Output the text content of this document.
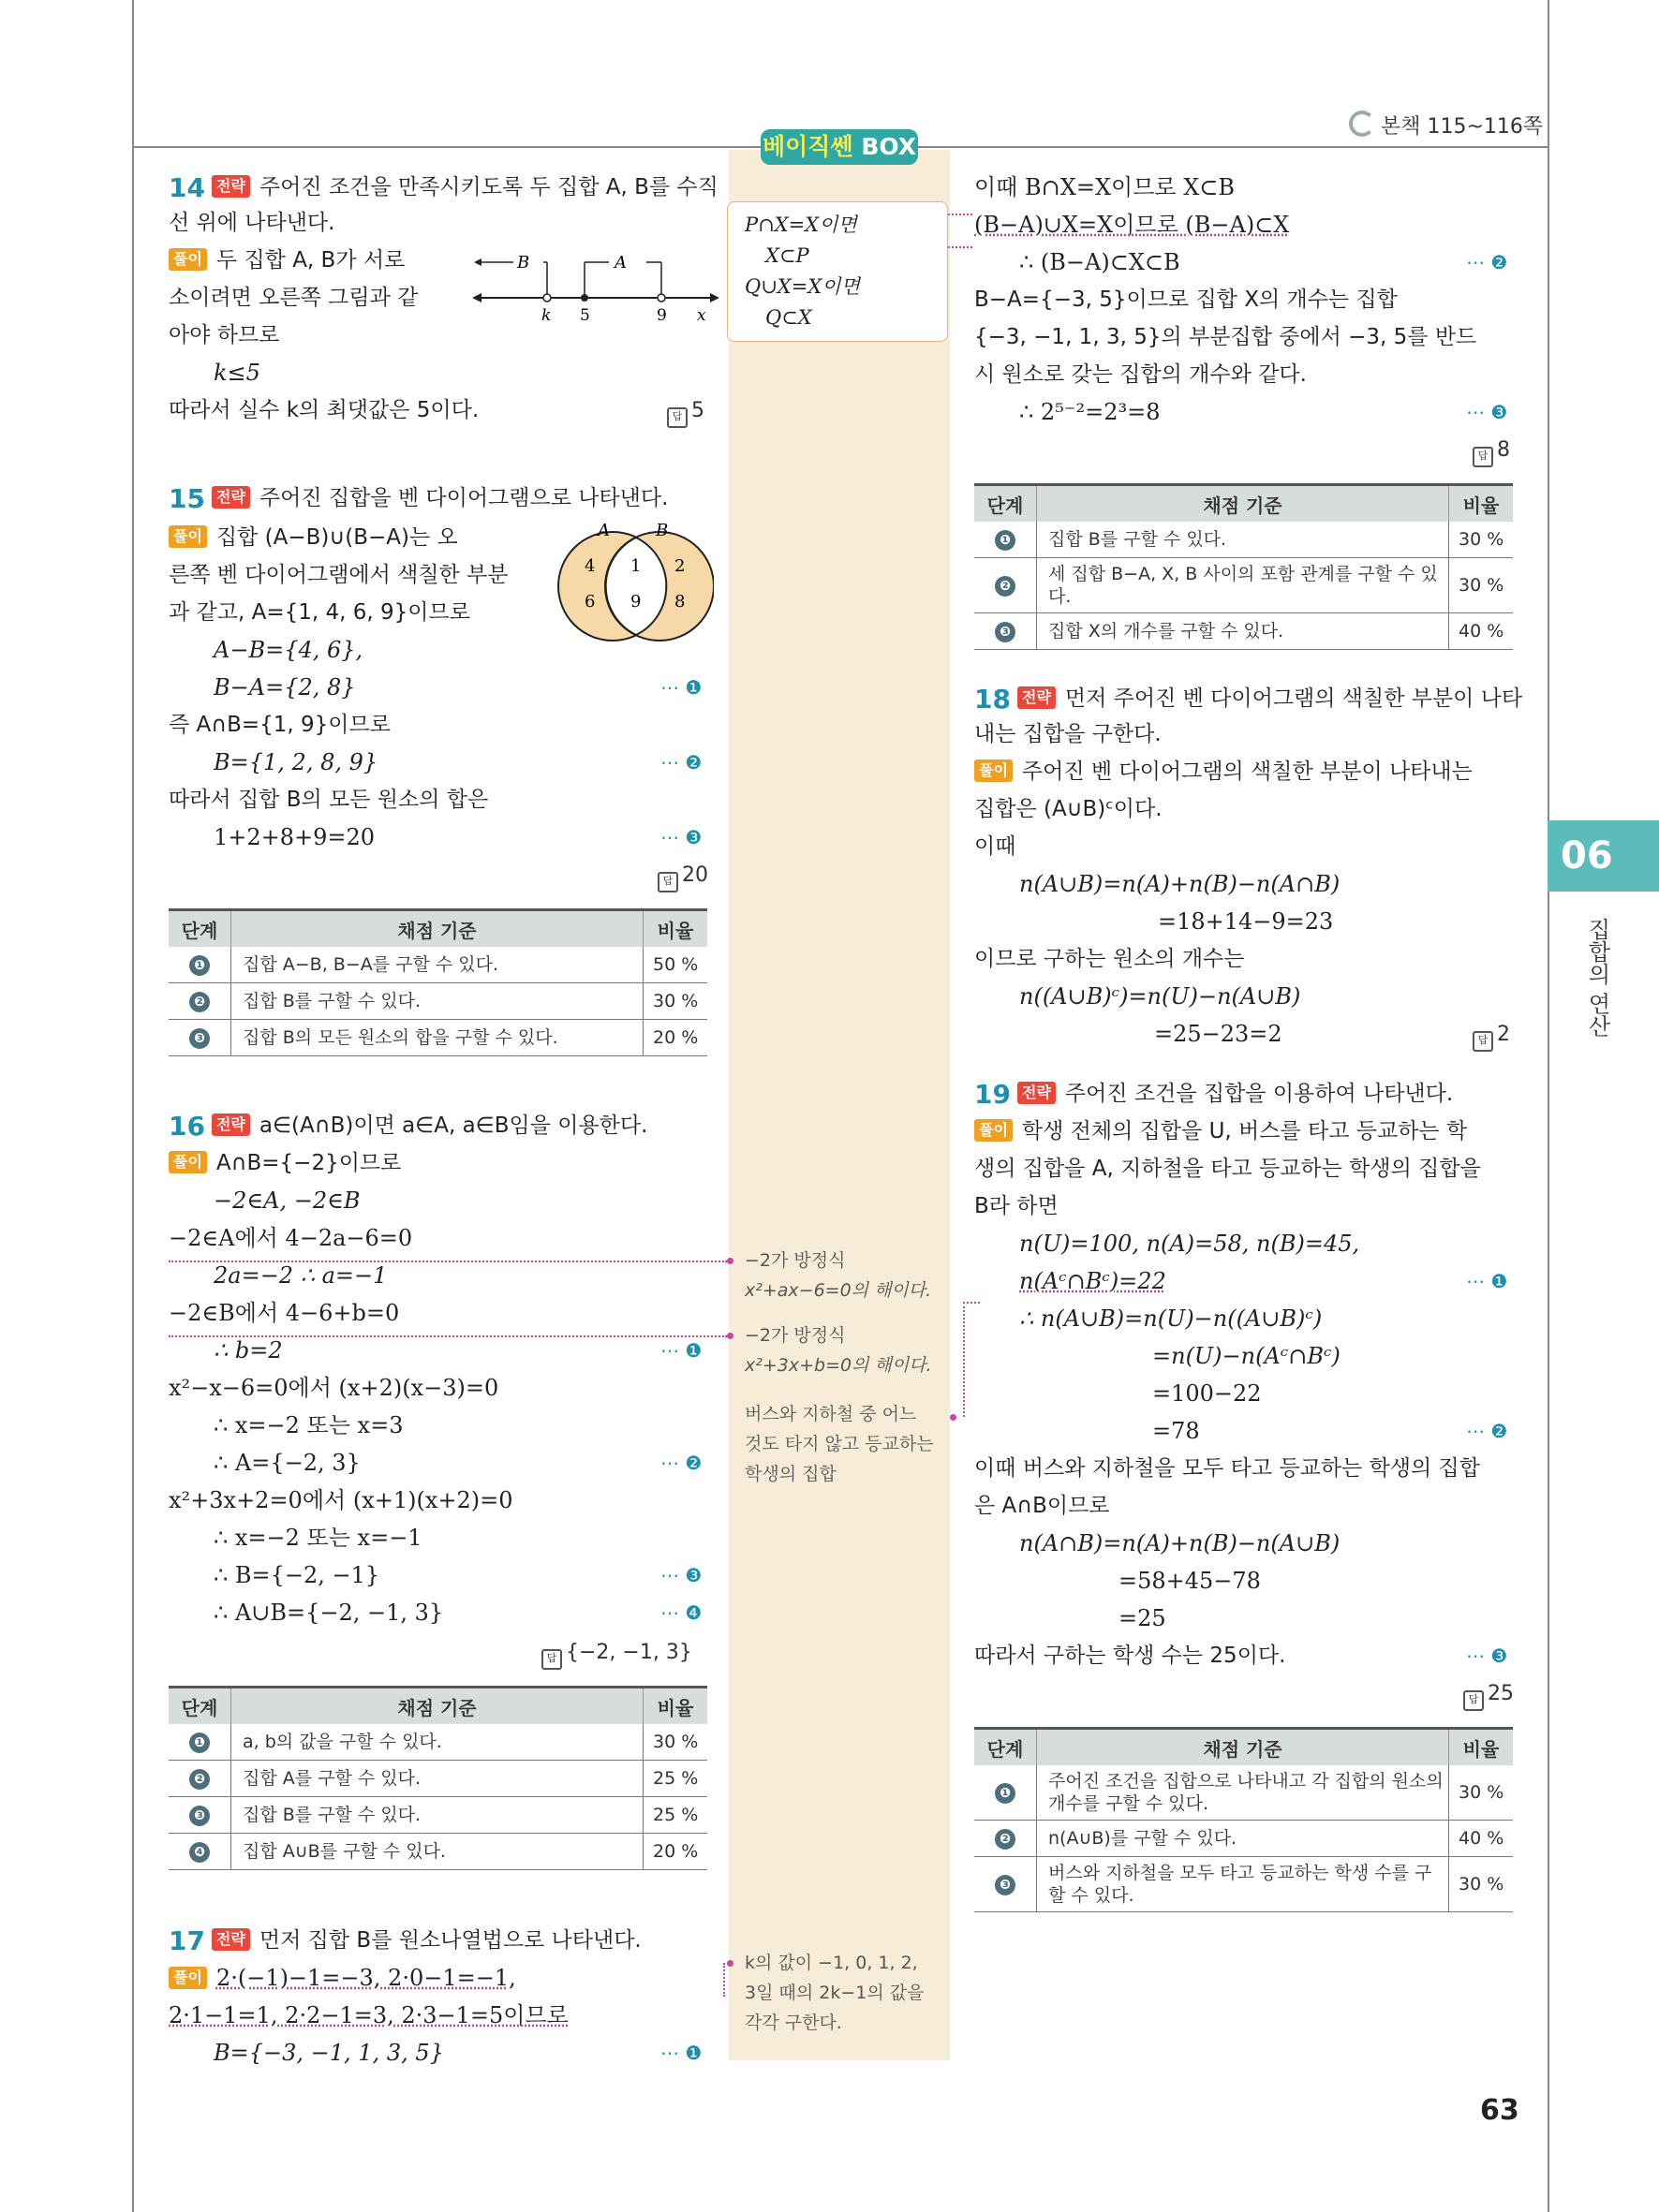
본책 115~116쪽
베이직쎈 BOX
P∩X=X이면
X⊂P
Q∪X=X이면
Q⊂X
−2가 방정식
x²+ax−6=0의 해이다.
−2가 방정식
x²+3x+b=0의 해이다.
버스와 지하철 중 어느
것도 타지 않고 등교하는
학생의 집합
k의 값이 −1, 0, 1, 2,
3일 때의 2k−1의 값을
각각 구한다.
14 전략 주어진 조건을 만족시키도록 두 집합 A, B를 수직
선 위에 나타낸다.
풀이 두 집합 A, B가 서로
소이려면 오른쪽 그림과 같
아야 하므로
k≤5
따라서 실수 k의 최댓값은 5이다.	답 5
B	A
k 5	9 x
15 전략 주어진 집합을 벤 다이어그램으로 나타낸다.
풀이 집합 (A−B)∪(B−A)는 오
른쪽 벤 다이어그램에서 색칠한 부분
과 같고, A={1, 4, 6, 9}이므로
A−B={4, 6},
B−A={2, 8}	⋯ ❶
즉 A∩B={1, 9}이므로
B={1, 2, 8, 9}	⋯ ❷
따라서 집합 B의 모든 원소의 합은
1+2+8+9=20	⋯ ❸
답 20
A	B
4
6
1
9
2
8
단계	채점 기준	비율
❶	집합 A−B, B−A를 구할 수 있다.	50 %
❷	집합 B를 구할 수 있다.	30 %
❸	집합 B의 모든 원소의 합을 구할 수 있다.	20 %
16 전략 a∈(A∩B)이면 a∈A, a∈B임을 이용한다.
풀이 A∩B={−2}이므로
−2∈A, −2∈B
−2∈A에서 4−2a−6=0
2a=−2 ∴ a=−1
−2∈B에서 4−6+b=0
∴ b=2	⋯ ❶
x²−x−6=0에서 (x+2)(x−3)=0
∴ x=−2 또는 x=3
∴ A={−2, 3}	⋯ ❷
x²+3x+2=0에서 (x+1)(x+2)=0
∴ x=−2 또는 x=−1
∴ B={−2, −1}	⋯ ❸
∴ A∪B={−2, −1, 3}	⋯ ❹
답 {−2, −1, 3}
단계	채점 기준	비율
❶	a, b의 값을 구할 수 있다.	30 %
❷	집합 A를 구할 수 있다.	25 %
❸	집합 B를 구할 수 있다.	25 %
❹	집합 A∪B를 구할 수 있다.	20 %
17 전략 먼저 집합 B를 원소나열법으로 나타낸다.
풀이 2·(−1)−1=−3, 2·0−1=−1,
2·1−1=1, 2·2−1=3, 2·3−1=5이므로
B={−3, −1, 1, 3, 5}	⋯ ❶
이때 B∩X=X이므로 X⊂B
(B−A)∪X=X이므로 (B−A)⊂X
∴ (B−A)⊂X⊂B	⋯ ❷
B−A={−3, 5}이므로 집합 X의 개수는 집합
{−3, −1, 1, 3, 5}의 부분집합 중에서 −3, 5를 반드
시 원소로 갖는 집합의 개수와 같다.
∴ 2⁵⁻²=2³=8	⋯ ❸
답 8
단계	채점 기준	비율
❶	집합 B를 구할 수 있다.	30 %
❷	세 집합 B−A, X, B 사이의 포함 관계를 구할 수 있다.	30 %
❸	집합 X의 개수를 구할 수 있다.	40 %
18 전략 먼저 주어진 벤 다이어그램의 색칠한 부분이 나타
내는 집합을 구한다.
풀이 주어진 벤 다이어그램의 색칠한 부분이 나타내는
집합은 (A∪B)ᶜ이다.
이때
n(A∪B)=n(A)+n(B)−n(A∩B)
=18+14−9=23
이므로 구하는 원소의 개수는
n((A∪B)ᶜ)=n(U)−n(A∪B)
=25−23=2	답 2
19 전략 주어진 조건을 집합을 이용하여 나타낸다.
풀이 학생 전체의 집합을 U, 버스를 타고 등교하는 학
생의 집합을 A, 지하철을 타고 등교하는 학생의 집합을
B라 하면
n(U)=100, n(A)=58, n(B)=45,
n(Aᶜ∩Bᶜ)=22	⋯ ❶
∴ n(A∪B)=n(U)−n((A∪B)ᶜ)
=n(U)−n(Aᶜ∩Bᶜ)
=100−22
=78	⋯ ❷
이때 버스와 지하철을 모두 타고 등교하는 학생의 집합
은 A∩B이므로
n(A∩B)=n(A)+n(B)−n(A∪B)
=58+45−78
=25
따라서 구하는 학생 수는 25이다.	⋯ ❸
답 25
단계	채점 기준	비율
❶	주어진 조건을 집합으로 나타내고 각 집합의 원소의 개수를 구할 수 있다.	30 %
❷	n(A∪B)를 구할 수 있다.	40 %
❸	버스와 지하철을 모두 타고 등교하는 학생 수를 구할 수 있다.	30 %
06
집합의 연산
63
